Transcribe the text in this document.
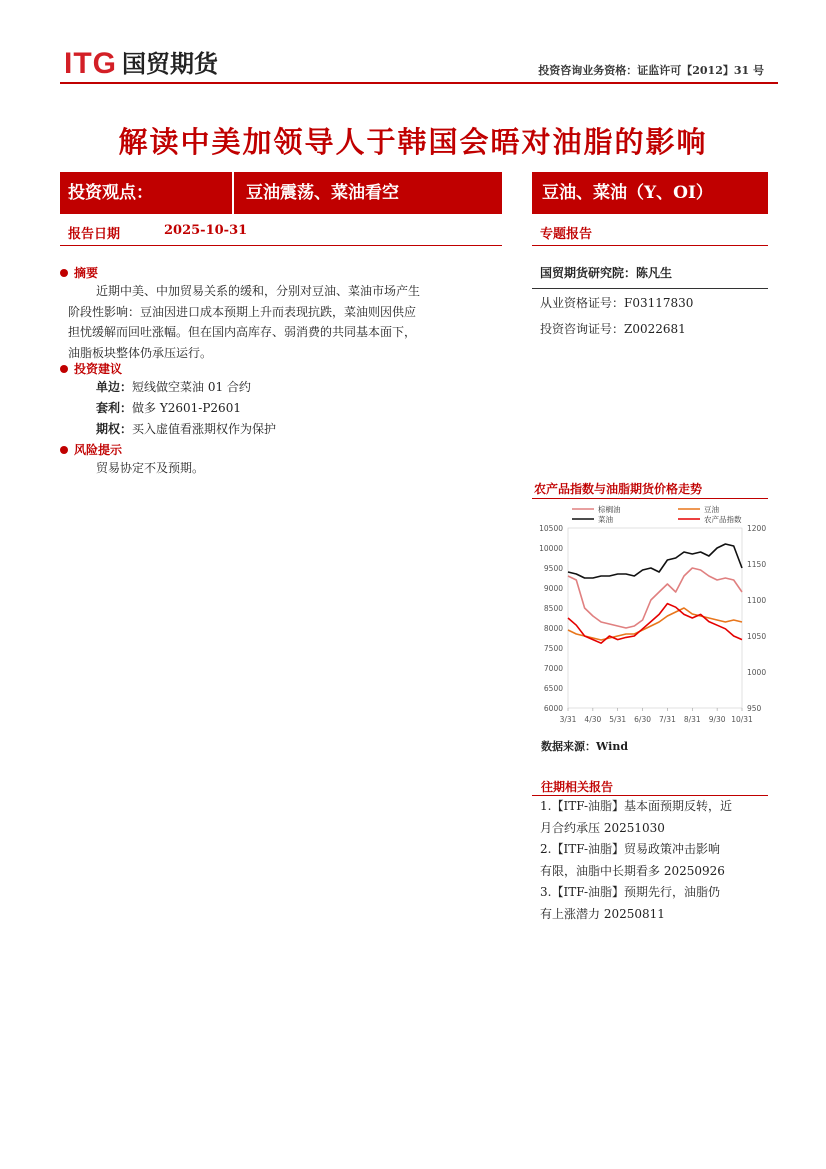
ITG 国贸期货	投资咨询业务资格：证监许可【2012】31 号
解读中美加领导人于韩国会晤对油脂的影响
投资观点：	豆油震荡、菜油看空	豆油、菜油（Y、OI）
报告日期	2025-10-31	专题报告
摘要
近期中美、中加贸易关系的缓和，分别对豆油、菜油市场产生
阶段性影响：豆油因进口成本预期上升而表现抗跌，菜油则因供应
担忧缓解而回吐涨幅。但在国内高库存、弱消费的共同基本面下，
油脂板块整体仍承压运行。
投资建议
单边：短线做空菜油 01 合约
套利：做多 Y2601-P2601
期权：买入虚值看涨期权作为保护
风险提示
贸易协定不及预期。
国贸期货研究院：陈凡生
从业资格证号：F03117830
投资咨询证号：Z0022681
农产品指数与油脂期货价格走势
6000
6500
7000
7500
8000
8500
9000
9500
10000
10500
950
1000
1050
1100
1150
1200
3/31 4/30 5/31 6/30 7/31 8/31 9/30 10/31
棕榈油	豆油
菜油	农产品指数
数据来源：Wind
往期相关报告
1.【ITF-油脂】基本面预期反转，近
月合约承压 20251030
2.【ITF-油脂】贸易政策冲击影响
有限，油脂中长期看多 20250926
3.【ITF-油脂】预期先行，油脂仍
有上涨潜力 20250811
